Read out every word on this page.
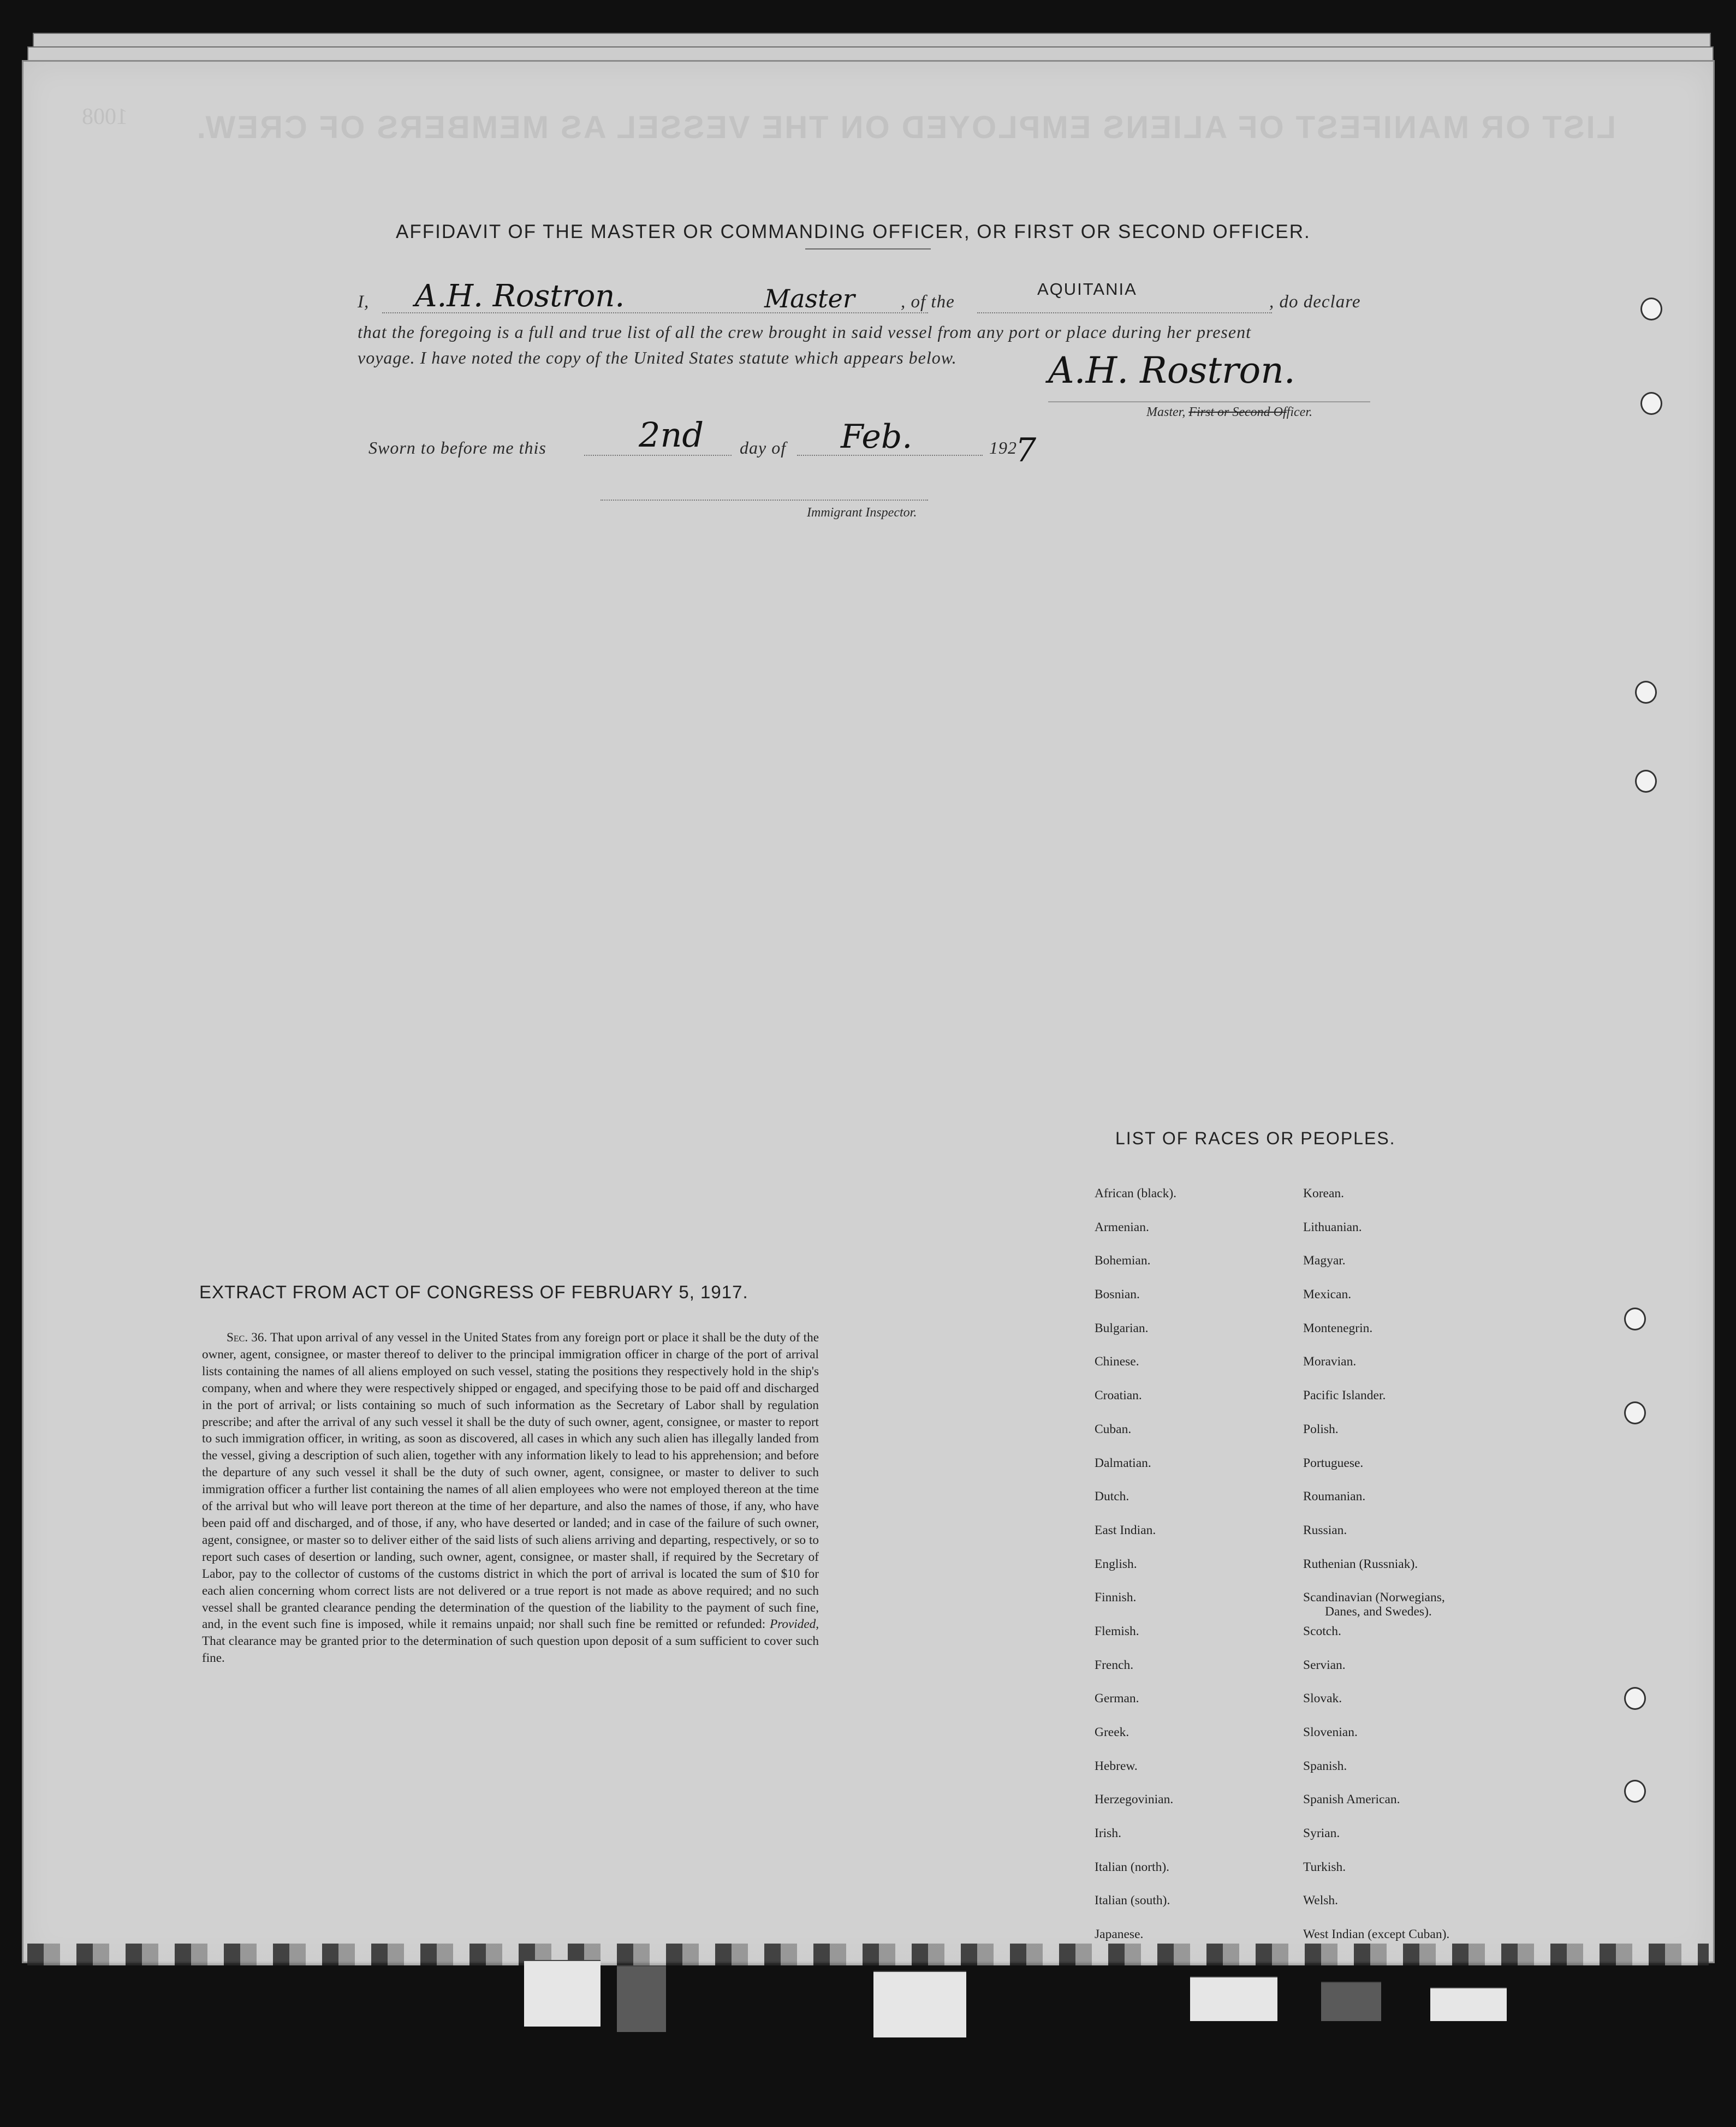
LIST OR MANIFEST OF ALIENS EMPLOYED ON THE VESSEL AS MEMBERS OF CREW.
1008
AFFIDAVIT OF THE MASTER OR COMMANDING OFFICER, OR FIRST OR SECOND OFFICER.
I, A.H. Rostron.	Master	, of the
AQUITANIA
, do declare
that the foregoing is a full and true list of all the crew brought in said vessel from any port or place during her present
voyage. I have noted the copy of the United States statute which appears below.	A.H. Rostron.
Master, First or Second Officer.
Sworn to before me this	2nd day of Feb.	192
7
Immigrant Inspector.
EXTRACT FROM ACT OF CONGRESS OF FEBRUARY 5, 1917.
Sec. 36. That upon arrival of any vessel in the United States from any foreign port or place it shall be the duty of the owner, agent, consignee, or master thereof to deliver to the principal immigration officer in charge of the port of arrival lists containing the names of all aliens employed on such vessel, stating the positions they respectively hold in the ship's company, when and where they were respectively shipped or engaged, and specifying those to be paid off and discharged in the port of arrival; or lists containing so much of such information as the Secretary of Labor shall by regulation prescribe; and after the arrival of any such vessel it shall be the duty of such owner, agent, consignee, or master to report to such immigration officer, in writing, as soon as discovered, all cases in which any such alien has illegally landed from the vessel, giving a description of such alien, together with any information likely to lead to his apprehension; and before the departure of any such vessel it shall be the duty of such owner, agent, consignee, or master to deliver to such immigration officer a further list containing the names of all alien employees who were not employed thereon at the time of the arrival but who will leave port thereon at the time of her departure, and also the names of those, if any, who have been paid off and discharged, and of those, if any, who have deserted or landed; and in case of the failure of such owner, agent, consignee, or master so to deliver either of the said lists of such aliens arriving and departing, respectively, or so to report such cases of desertion or landing, such owner, agent, consignee, or master shall, if required by the Secretary of Labor, pay to the collector of customs of the customs district in which the port of arrival is located the sum of $10 for each alien concerning whom correct lists are not delivered or a true report is not made as above required; and no such vessel shall be granted clearance pending the determination of the question of the liability to the payment of such fine, and, in the event such fine is imposed, while it remains unpaid; nor shall such fine be remitted or refunded: Provided, That clearance may be granted prior to the determination of such question upon deposit of a sum sufficient to cover such fine.
LIST OF RACES OR PEOPLES.
African (black).
Armenian.
Bohemian.
Bosnian.
Bulgarian.
Chinese.
Croatian.
Cuban.
Dalmatian.
Dutch.
East Indian.
English.
Finnish.
Flemish.
French.
German.
Greek.
Hebrew.
Herzegovinian.
Irish.
Italian (north).
Italian (south).
Japanese.
Korean.
Lithuanian.
Magyar.
Mexican.
Montenegrin.
Moravian.
Pacific Islander.
Polish.
Portuguese.
Roumanian.
Russian.
Ruthenian (Russniak).
Scandinavian (Norwegians,
Danes, and Swedes).
Scotch.
Servian.
Slovak.
Slovenian.
Spanish.
Spanish American.
Syrian.
Turkish.
Welsh.
West Indian (except Cuban).
